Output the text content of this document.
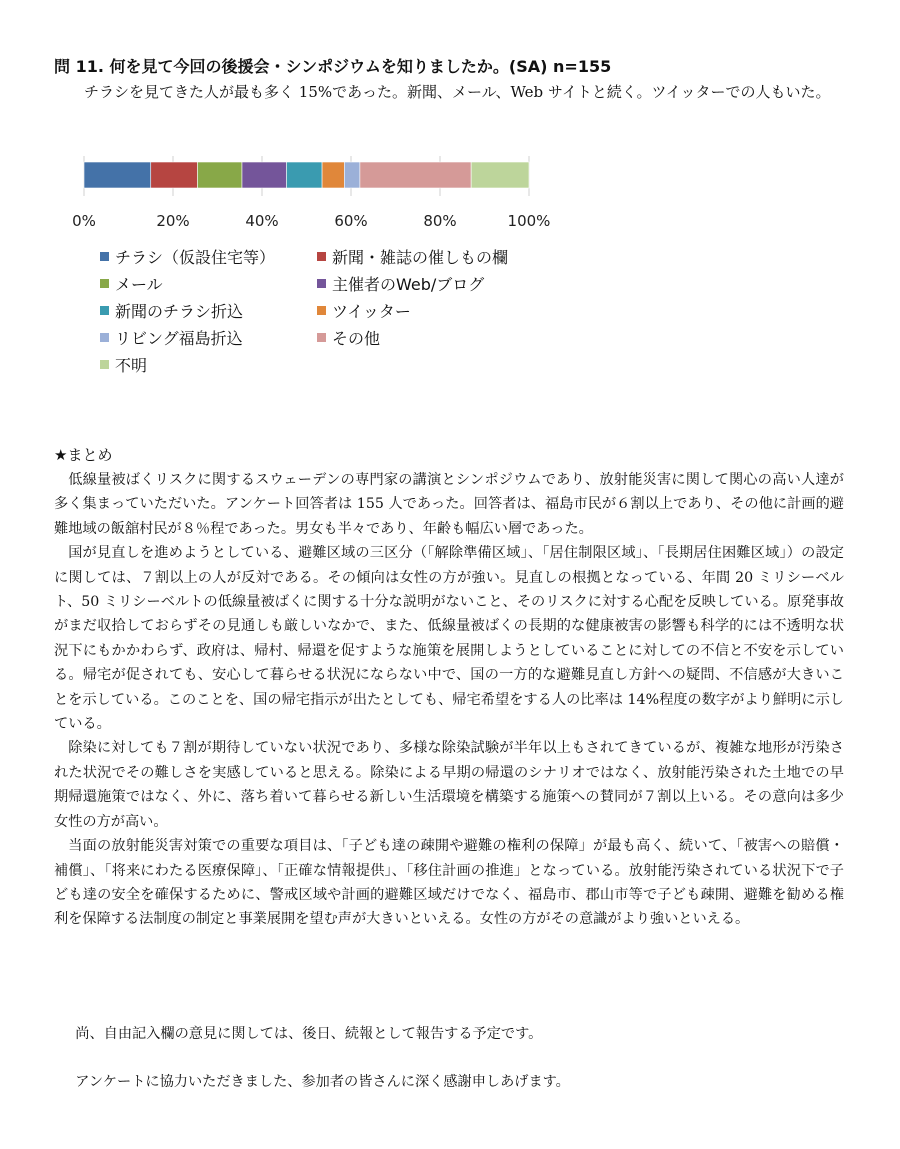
問 11. 何を見て今回の後援会・シンポジウムを知りましたか。(SA) n=155
チラシを見てきた人が最も多く 15%であった。新聞、メール、Web サイトと続く。ツイッターでの人もいた。
0%	20%	40%	60%	80%	100%
チラシ（仮設住宅等）	新聞・雑誌の催しもの欄
メール	主催者のWeb/ブログ
新聞のチラシ折込	ツイッター
リビング福島折込	その他
不明
★まとめ

低線量被ばくリスクに関するスウェーデンの専門家の講演とシンポジウムであり、放射能災害に関して関心の高い人達が多く集まっていただいた。アンケート回答者は 155 人であった。回答者は、福島市民が６割以上であり、その他に計画的避難地域の飯舘村民が８％程であった。男女も半々であり、年齢も幅広い層であった。

国が見直しを進めようとしている、避難区域の三区分（「解除準備区域」、「居住制限区域」、「長期居住困難区域」）の設定に関しては、７割以上の人が反対である。その傾向は女性の方が強い。見直しの根拠となっている、年間 20 ミリシーベルト、50 ミリシーベルトの低線量被ばくに関する十分な説明がないこと、そのリスクに対する心配を反映している。原発事故がまだ収拾しておらずその見通しも厳しいなかで、また、低線量被ばくの長期的な健康被害の影響も科学的には不透明な状況下にもかかわらず、政府は、帰村、帰還を促すような施策を展開しようとしていることに対しての不信と不安を示している。帰宅が促されても、安心して暮らせる状況にならない中で、国の一方的な避難見直し方針への疑問、不信感が大きいことを示している。このことを、国の帰宅指示が出たとしても、帰宅希望をする人の比率は 14%程度の数字がより鮮明に示している。

除染に対しても７割が期待していない状況であり、多様な除染試験が半年以上もされてきているが、複雑な地形が汚染された状況でその難しさを実感していると思える。除染による早期の帰還のシナリオではなく、放射能汚染された土地での早期帰還施策ではなく、外に、落ち着いて暮らせる新しい生活環境を構築する施策への賛同が７割以上いる。その意向は多少女性の方が高い。

当面の放射能災害対策での重要な項目は、「子ども達の疎開や避難の権利の保障」が最も高く、続いて、「被害への賠償・補償」、「将来にわたる医療保障」、「正確な情報提供」、「移住計画の推進」となっている。放射能汚染されている状況下で子ども達の安全を確保するために、警戒区域や計画的避難区域だけでなく、福島市、郡山市等で子ども疎開、避難を勧める権利を保障する法制度の制定と事業展開を望む声が大きいといえる。女性の方がその意識がより強いといえる。

尚、自由記入欄の意見に関しては、後日、続報として報告する予定です。

アンケートに協力いただきました、参加者の皆さんに深く感謝申しあげます。
